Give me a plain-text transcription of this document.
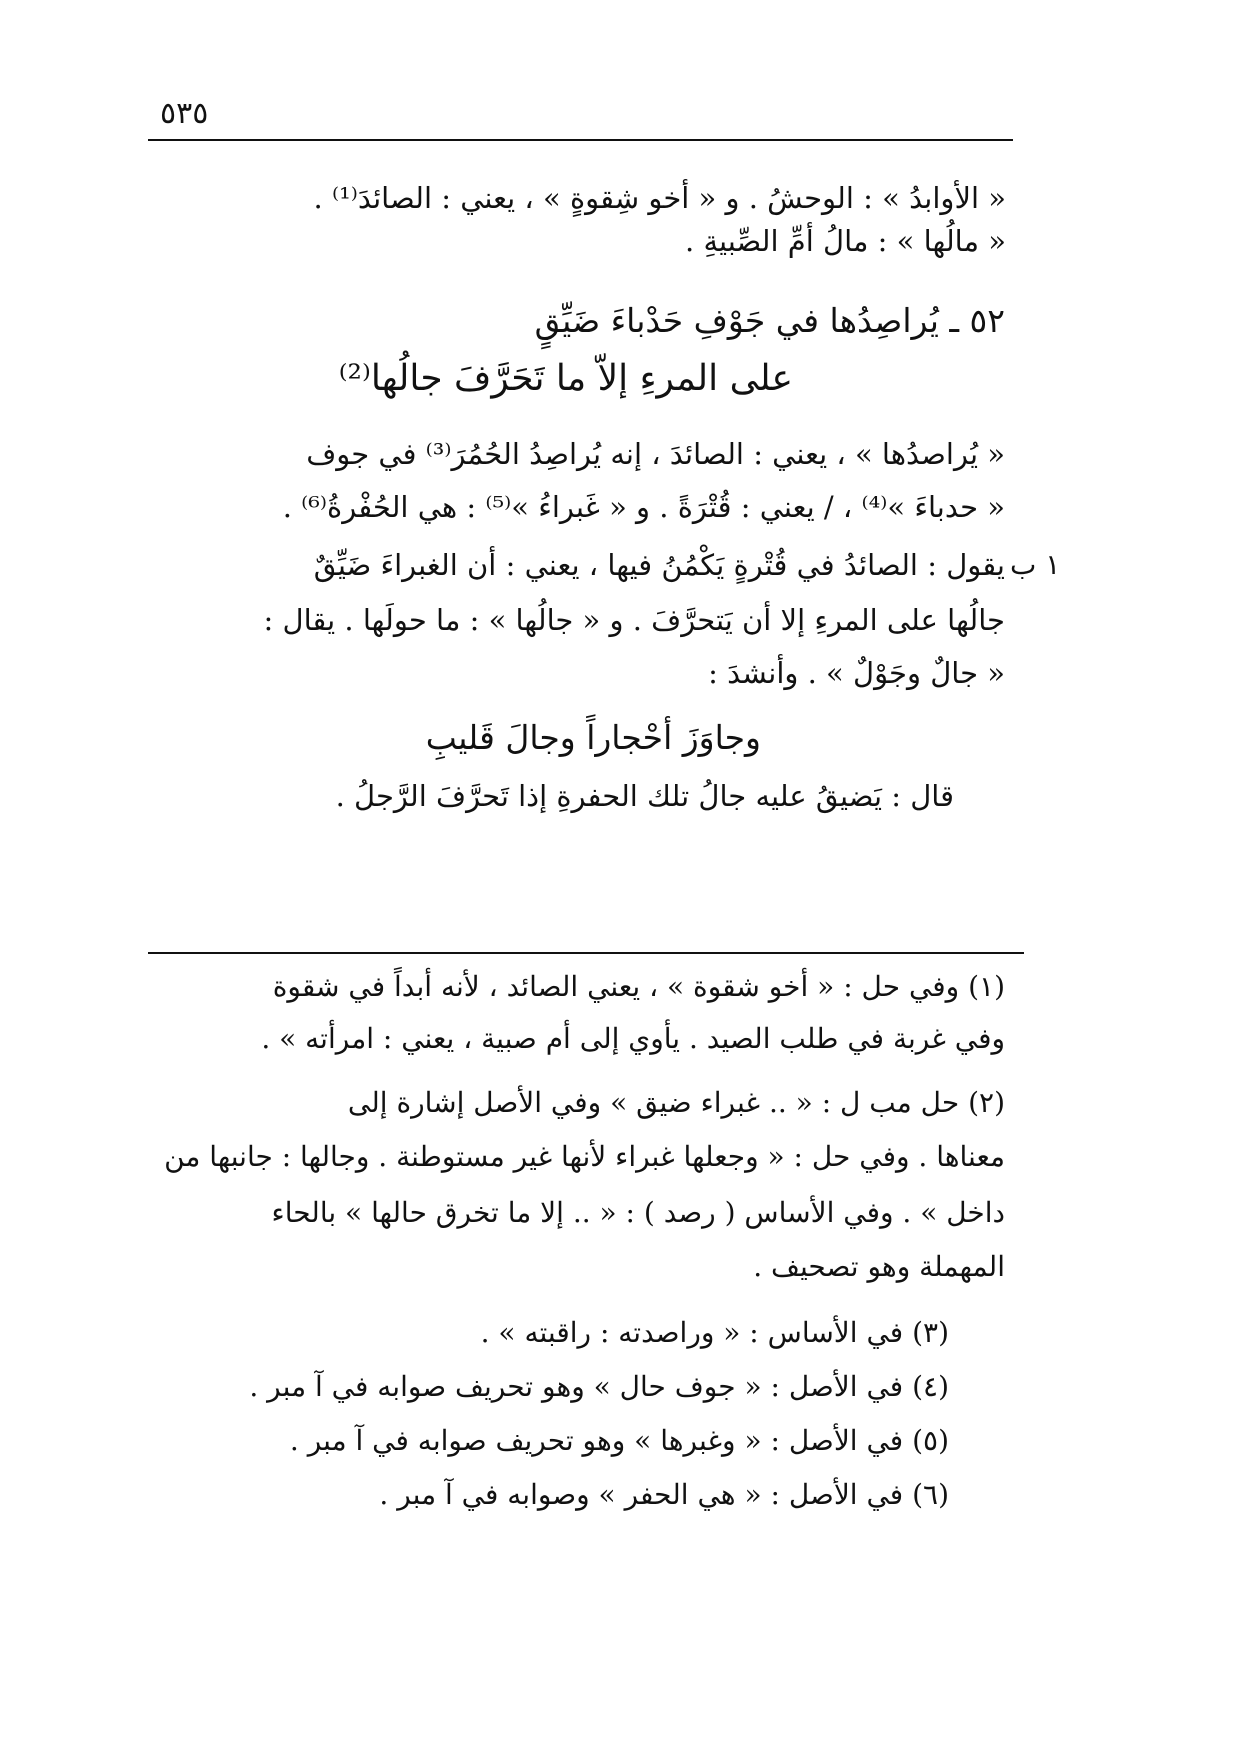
٥٣٥
١ ب
« الأوابدُ » : الوحشُ . و « أخو شِقوةٍ » ، يعني : الصائدَ⁽¹⁾ .
« مالُها » : مالُ أمِّ الصِّبيةِ .
٥٢ ـ يُراصِدُها في جَوْفِ حَدْباءَ ضَيِّقٍ
على المرءِ إلاّ ما تَحَرَّفَ جالُها⁽²⁾
« يُراصدُها » ، يعني : الصائدَ ، إنه يُراصِدُ الحُمُرَ⁽³⁾ في جوف
« حدباءَ »⁽⁴⁾ ، / يعني : قُتْرَةً . و « غَبراءُ »⁽⁵⁾ : هي الحُفْرةُ⁽⁶⁾ .
يقول : الصائدُ في قُتْرةٍ يَكْمُنُ فيها ، يعني : أن الغبراءَ ضَيِّقٌ
جالُها على المرءِ إلا أن يَتحرَّفَ . و « جالُها » : ما حولَها . يقال :
« جالٌ وجَوْلٌ » . وأنشدَ :
وجاوَزَ أحْجاراً وجالَ قَليبِ
قال : يَضيقُ عليه جالُ تلك الحفرةِ إذا تَحرَّفَ الرَّجلُ .
(١) وفي حل : « أخو شقوة » ، يعني الصائد ، لأنه أبداً في شقوة
وفي غربة في طلب الصيد . يأوي إلى أم صبية ، يعني : امرأته » .
(٢) حل مب ل : « .. غبراء ضيق » وفي الأصل إشارة إلى
معناها . وفي حل : « وجعلها غبراء لأنها غير مستوطنة . وجالها : جانبها من
داخل » . وفي الأساس ( رصد ) : « .. إلا ما تخرق حالها » بالحاء
المهملة وهو تصحيف .
(٣) في الأساس : « وراصدته : راقبته » .
(٤) في الأصل : « جوف حال » وهو تحريف صوابه في آ مبر .
(٥) في الأصل : « وغبرها » وهو تحريف صوابه في آ مبر .
(٦) في الأصل : « هي الحفر » وصوابه في آ مبر .
